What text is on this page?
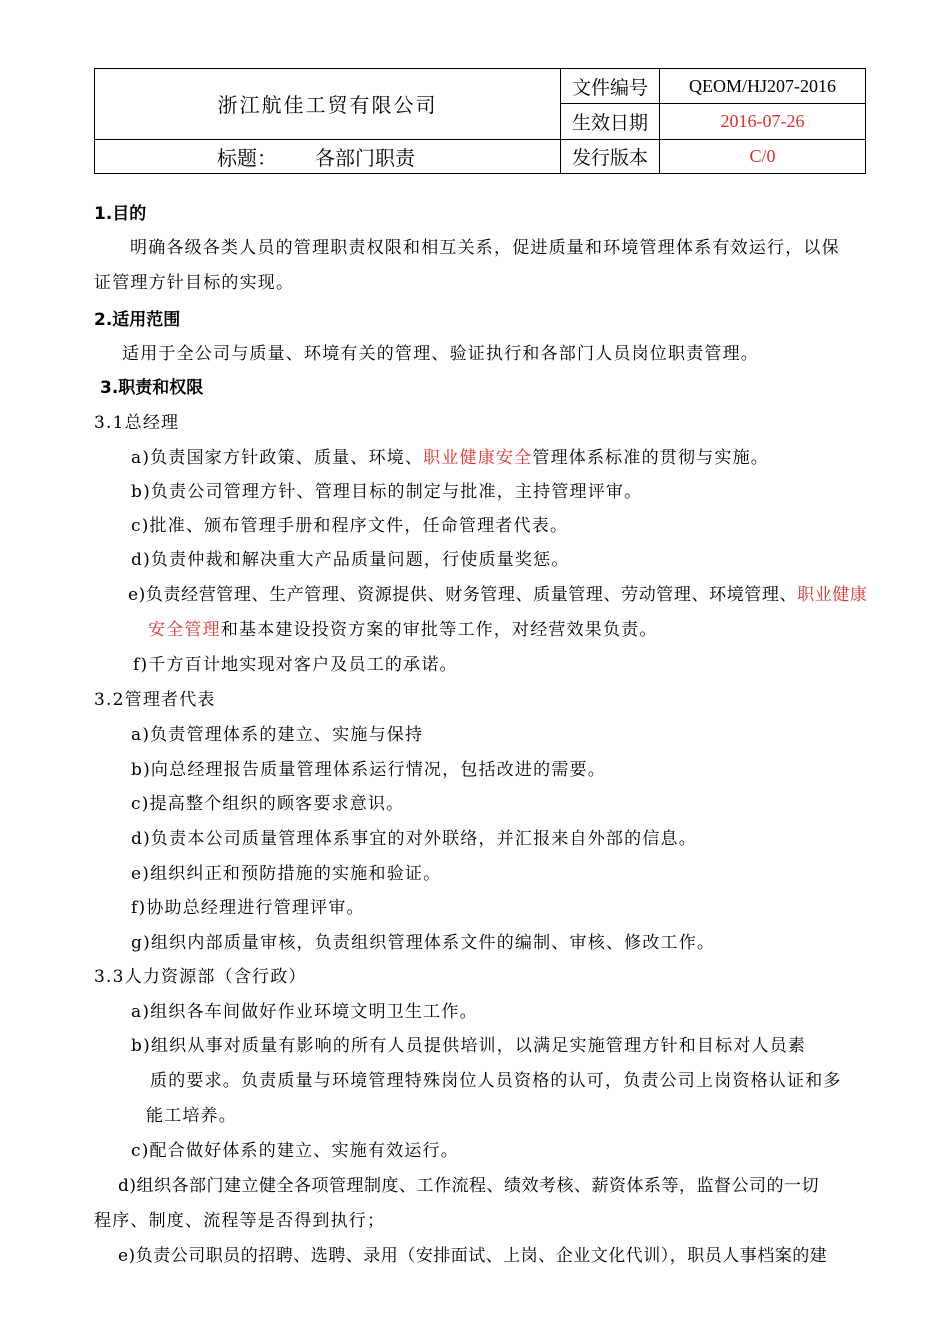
浙江航佳工贸有限公司	文件编号	QEOM/HJ207-2016
	生效日期	2016-07-26
标题： 各部门职责	发行版本	C/0
1.目的
明确各级各类人员的管理职责权限和相互关系，促进质量和环境管理体系有效运行，以保
证管理方针目标的实现。
2.适用范围
适用于全公司与质量、环境有关的管理、验证执行和各部门人员岗位职责管理。
3.职责和权限
3.1总经理
a)负责国家方针政策、质量、环境、职业健康安全管理体系标准的贯彻与实施。
b)负责公司管理方针、管理目标的制定与批准，主持管理评审。
c)批准、颁布管理手册和程序文件，任命管理者代表。
d)负责仲裁和解决重大产品质量问题，行使质量奖惩。
e)负责经营管理、生产管理、资源提供、财务管理、质量管理、劳动管理、环境管理、职业健康
安全管理和基本建设投资方案的审批等工作，对经营效果负责。
f)千方百计地实现对客户及员工的承诺。
3.2管理者代表
a)负责管理体系的建立、实施与保持
b)向总经理报告质量管理体系运行情况，包括改进的需要。
c)提高整个组织的顾客要求意识。
d)负责本公司质量管理体系事宜的对外联络，并汇报来自外部的信息。
e)组织纠正和预防措施的实施和验证。
f)协助总经理进行管理评审。
g)组织内部质量审核，负责组织管理体系文件的编制、审核、修改工作。
3.3人力资源部（含行政）
a)组织各车间做好作业环境文明卫生工作。
b)组织从事对质量有影响的所有人员提供培训，以满足实施管理方针和目标对人员素
质的要求。负责质量与环境管理特殊岗位人员资格的认可，负责公司上岗资格认证和多
能工培养。
c)配合做好体系的建立、实施有效运行。
d)组织各部门建立健全各项管理制度、工作流程、绩效考核、薪资体系等，监督公司的一切
程序、制度、流程等是否得到执行；
e)负责公司职员的招聘、选聘、录用（安排面试、上岗、企业文化代训），职员人事档案的建
